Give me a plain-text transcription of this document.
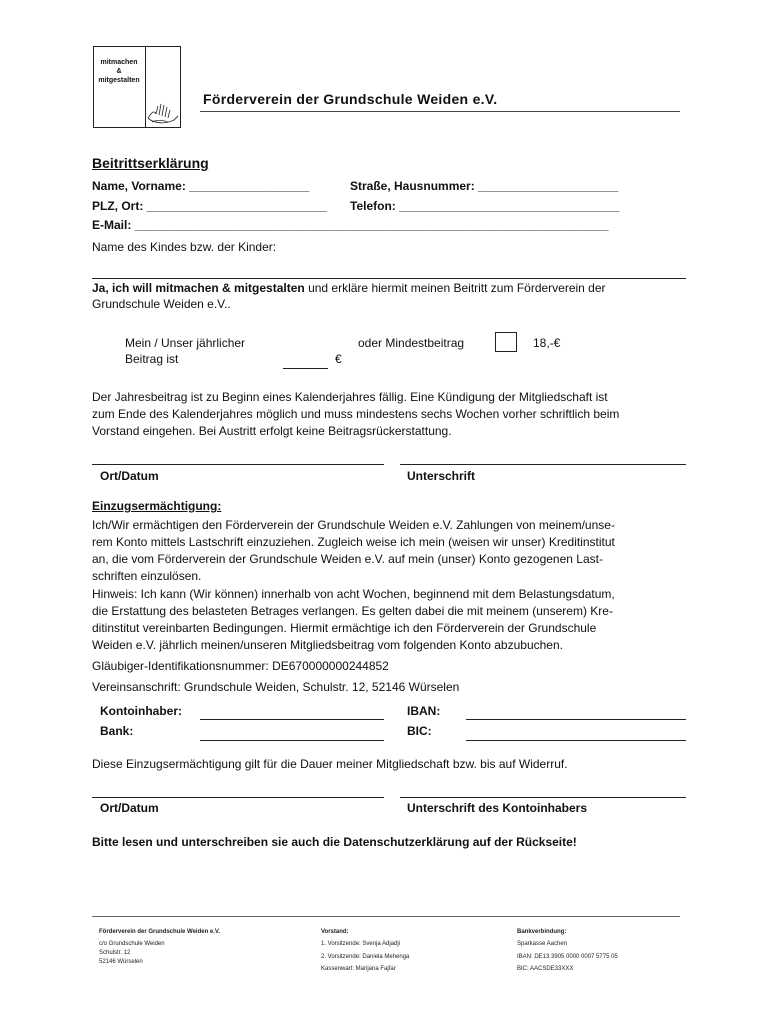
mitmachen
&
mitgestalten
Förderverein der Grundschule Weiden e.V.
Beitrittserklärung
Name, Vorname: __________________	Straße, Hausnummer: _____________________
PLZ, Ort: ___________________________ Telefon: _________________________________
E-Mail: _______________________________________________________________________
Name des Kindes bzw. der Kinder:
Ja, ich will mitmachen & mitgestalten und erkläre hiermit meinen Beitritt zum Förderverein der
Grundschule Weiden e.V..
Mein / Unser jährlicher
Beitrag ist	€
oder Mindestbeitrag	18,-€
Der Jahresbeitrag ist zu Beginn eines Kalenderjahres fällig. Eine Kündigung der Mitgliedschaft ist
zum Ende des Kalenderjahres möglich und muss mindestens sechs Wochen vorher schriftlich beim
Vorstand eingehen. Bei Austritt erfolgt keine Beitragsrückerstattung.
Ort/Datum	Unterschrift
Einzugsermächtigung:
Ich/Wir ermächtigen den Förderverein der Grundschule Weiden e.V. Zahlungen von meinem/unse-
rem Konto mittels Lastschrift einzuziehen. Zugleich weise ich mein (weisen wir unser) Kreditinstitut
an, die vom Förderverein der Grundschule Weiden e.V. auf mein (unser) Konto gezogenen Last-
schriften einzulösen.
Hinweis: Ich kann (Wir können) innerhalb von acht Wochen, beginnend mit dem Belastungsdatum,
die Erstattung des belasteten Betrages verlangen. Es gelten dabei die mit meinem (unserem) Kre-
ditinstitut vereinbarten Bedingungen. Hiermit ermächtige ich den Förderverein der Grundschule
Weiden e.V. jährlich meinen/unseren Mitgliedsbeitrag vom folgenden Konto abzubuchen.
Gläubiger-Identifikationsnummer: DE670000000244852
Vereinsanschrift: Grundschule Weiden, Schulstr. 12, 52146 Würselen
Kontoinhaber:	IBAN:
Bank:	BIC:
Diese Einzugsermächtigung gilt für die Dauer meiner Mitgliedschaft bzw. bis auf Widerruf.
Ort/Datum	Unterschrift des Kontoinhabers
Bitte lesen und unterschreiben sie auch die Datenschutzerklärung auf der Rückseite!
Förderverein der Grundschule Weiden e.V.
c/o Grundschule Weiden
Schulstr. 12
52146 Würselen
Vorstand:
1. Vorsitzende: Svenja Adjadji
2. Vorsitzende: Daniela Mehenga
Kassenwart: Marijana Fajfar
Bankverbindung:
Sparkasse Aachen
IBAN: DE13 3905 0000 0007 5775 05
BIC: AACSDE33XXX
